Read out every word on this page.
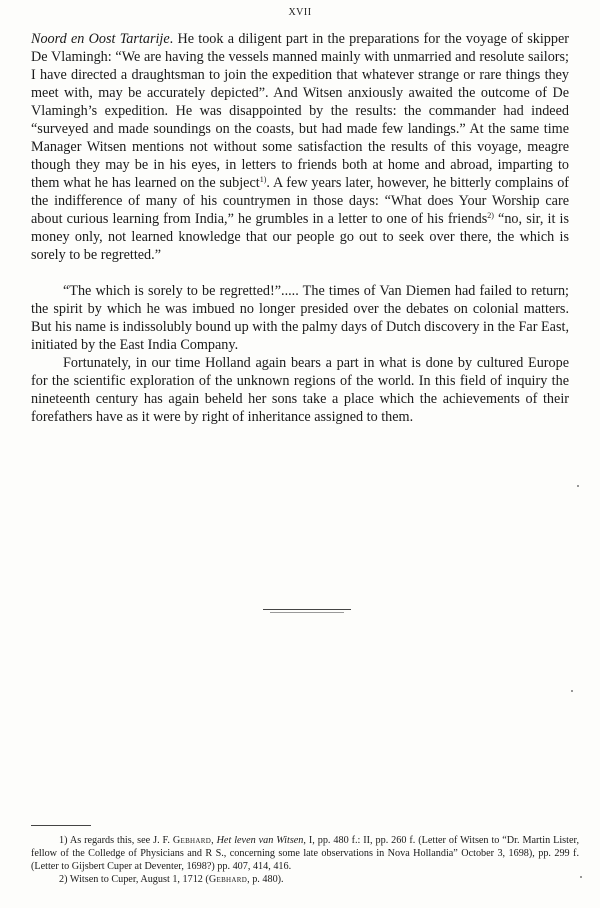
XVII

Noord en Oost Tartarije. He took a diligent part in the preparations for the voyage of skipper De Vlamingh: “We are having the vessels manned mainly with unmarried and resolute sailors; I have directed a draughtsman to join the expedition that whatever strange or rare things they meet with, may be accurately depicted”. And Witsen anxiously awaited the outcome of De Vlamingh’s expedition. He was disappointed by the results: the commander had indeed “surveyed and made soundings on the coasts, but had made few landings.” At the same time Manager Witsen mentions not without some satisfaction the results of this voyage, meagre though they may be in his eyes, in letters to friends both at home and abroad, imparting to them what he has learned on the subject$^{1)}$. A few years later, however, he bitterly complains of the indifference of many of his countrymen in those days: “What does Your Worship care about curious learning from India,” he grumbles in a letter to one of his friends$^{2)}$ “no, sir, it is money only, not learned knowledge that our people go out to seek over there, the which is sorely to be regretted.”

“The which is sorely to be regretted!”..... The times of Van Diemen had failed to return; the spirit by which he was imbued no longer presided over the debates on colonial matters. But his name is indissolubly bound up with the palmy days of Dutch discovery in the Far East, initiated by the East India Company.

Fortunately, in our time Holland again bears a part in what is done by cultured Europe for the scientific exploration of the unknown regions of the world. In this field of inquiry the nineteenth century has again beheld her sons take a place which the achievements of their forefathers have as it were by right of inheritance assigned to them.

1) As regards this, see J. F. Gebhard, Het leven van Witsen, I, pp. 480 f.: II, pp. 260 f. (Letter of Witsen to “Dr. Martin Lister, fellow of the Colledge of Physicians and R S., concerning some late observations in Nova Hollandia” October 3, 1698), pp. 299 f. (Letter to Gijsbert Cuper at Deventer, 1698?) pp. 407, 414, 416.

2) Witsen to Cuper, August 1, 1712 (Gebhard, p. 480).
